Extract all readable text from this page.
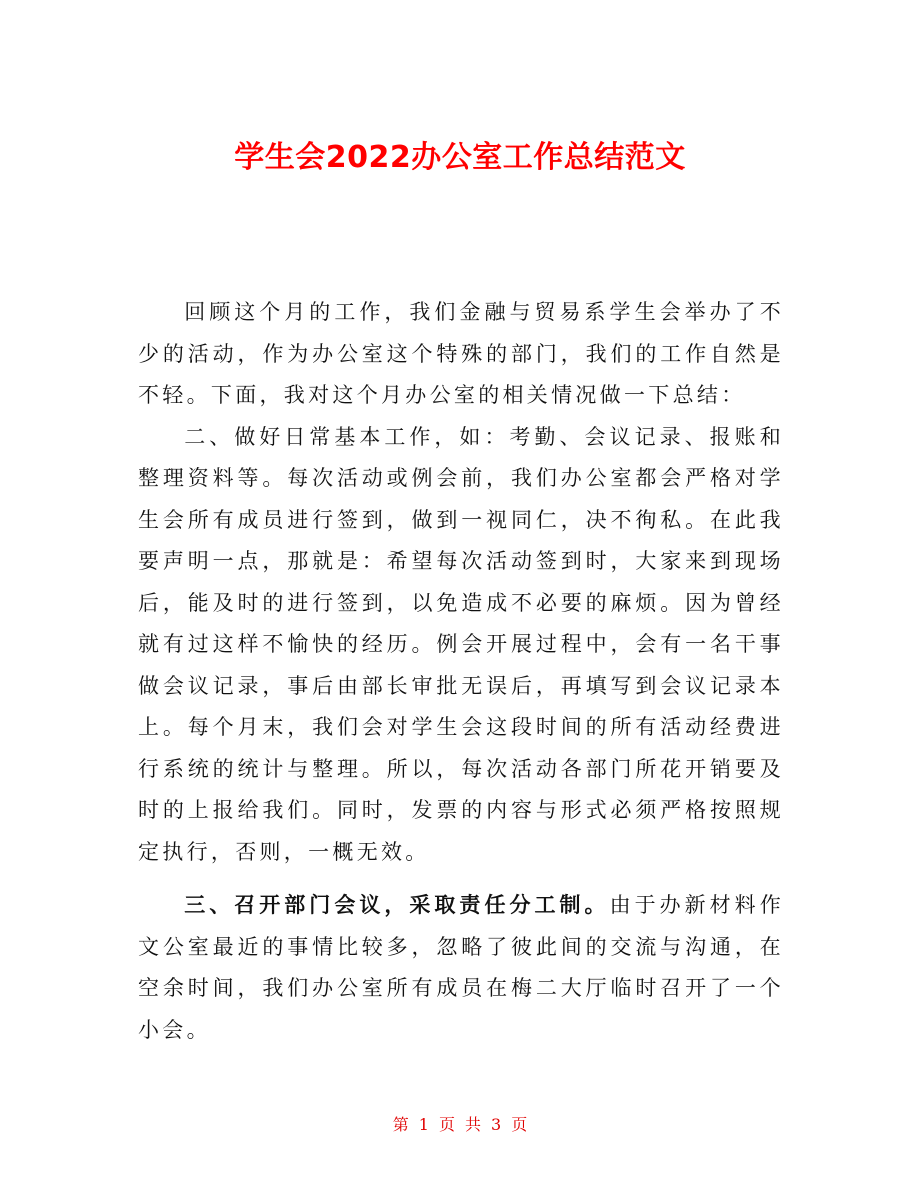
学生会2022办公室工作总结范文

回顾这个月的工作，我们金融与贸易系学生会举办了不少的活动，作为办公室这个特殊的部门，我们的工作自然是不轻。下面，我对这个月办公室的相关情况做一下总结：

二、做好日常基本工作，如：考勤、会议记录、报账和整理资料等。每次活动或例会前，我们办公室都会严格对学生会所有成员进行签到，做到一视同仁，决不徇私。在此我要声明一点，那就是：希望每次活动签到时，大家来到现场后，能及时的进行签到，以免造成不必要的麻烦。因为曾经就有过这样不愉快的经历。例会开展过程中，会有一名干事做会议记录，事后由部长审批无误后，再填写到会议记录本上。每个月末，我们会对学生会这段时间的所有活动经费进行系统的统计与整理。所以，每次活动各部门所花开销要及时的上报给我们。同时，发票的内容与形式必须严格按照规定执行，否则，一概无效。

三、召开部门会议，采取责任分工制。由于办新材料作文公室最近的事情比较多，忽略了彼此间的交流与沟通，在空余时间，我们办公室所有成员在梅二大厅临时召开了一个小会。

第 1 页 共 3 页
